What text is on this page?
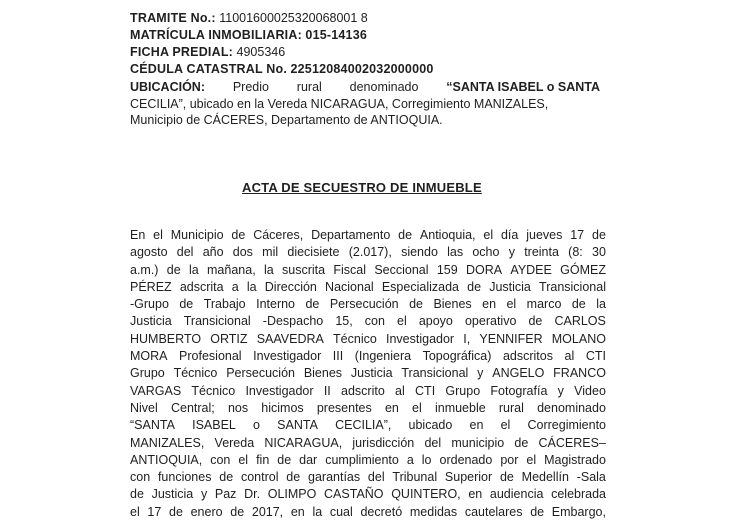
TRAMITE No.: 11001600025320068001 8
MATRÍCULA INMOBILIARIA: 015-14136
FICHA PREDIAL: 4905346
CÉDULA CATASTRAL No. 22512084002032000000
UBICACIÓN: Predio rural denominado “SANTA ISABEL o SANTA
CECILIA”, ubicado en la Vereda NICARAGUA, Corregimiento MANIZALES,
Municipio de CÁCERES, Departamento de ANTIOQUIA.
ACTA DE SECUESTRO DE INMUEBLE
En el Municipio de Cáceres, Departamento de Antioquia, el día jueves 17 de
agosto del año dos mil diecisiete (2.017), siendo las ocho y treinta (8: 30
a.m.) de la mañana, la suscrita Fiscal Seccional 159 DORA AYDEE GÓMEZ
PÉREZ adscrita a la Dirección Nacional Especializada de Justicia Transicional
-Grupo de Trabajo Interno de Persecución de Bienes en el marco de la
Justicia Transicional -Despacho 15, con el apoyo operativo de CARLOS
HUMBERTO ORTIZ SAAVEDRA Técnico Investigador I, YENNIFER MOLANO
MORA Profesional Investigador III (Ingeniera Topográfica) adscritos al CTI
Grupo Técnico Persecución Bienes Justicia Transicional y ANGELO FRANCO
VARGAS Técnico Investigador II adscrito al CTI Grupo Fotografía y Video
Nivel Central; nos hicimos presentes en el inmueble rural denominado
“SANTA ISABEL o SANTA CECILIA”, ubicado en el Corregimiento
MANIZALES, Vereda NICARAGUA, jurisdicción del municipio de CÁCERES–
ANTIOQUIA, con el fin de dar cumplimiento a lo ordenado por el Magistrado
con funciones de control de garantías del Tribunal Superior de Medellín -Sala
de Justicia y Paz Dr. OLIMPO CASTAÑO QUINTERO, en audiencia celebrada
el 17 de enero de 2017, en la cual decretó medidas cautelares de Embargo,
